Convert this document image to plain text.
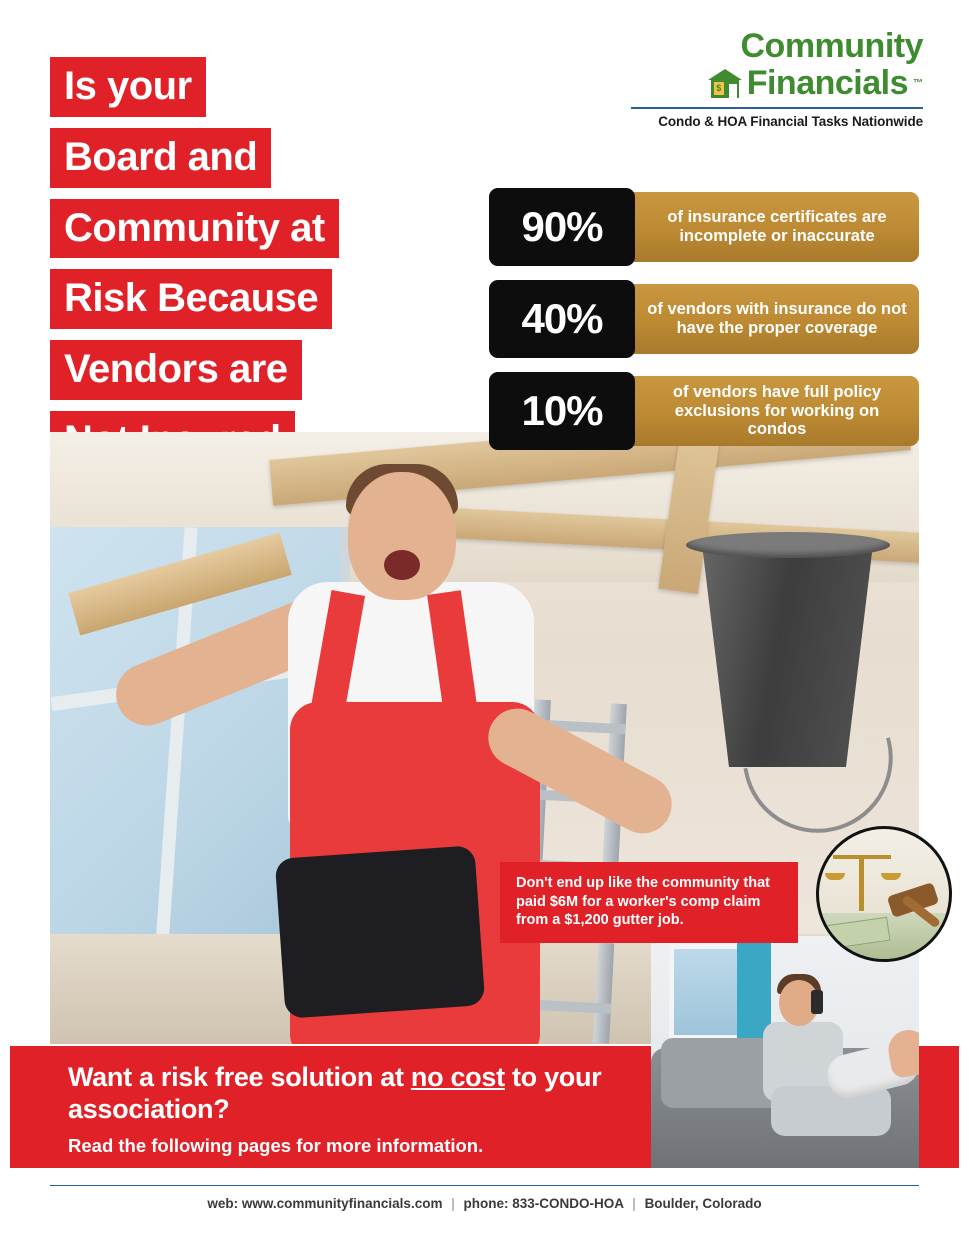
Community
$ Financials ™
Condo & HOA Financial Tasks Nationwide
Is your
Board and
Community at
Risk Because
Vendors are
of insurance certificates are incomplete or inaccurate
90%
of vendors with insurance do not have the proper coverage
40%
of vendors have full policy exclusions for working on condos
10%
Don't end up like the community that paid $6M for a worker's comp claim from a $1,200 gutter job.
Want a risk free solution at no cost to your association?
Read the following pages for more information.
web: www.communityfinancials.com | phone: 833-CONDO-HOA | Boulder, Colorado
